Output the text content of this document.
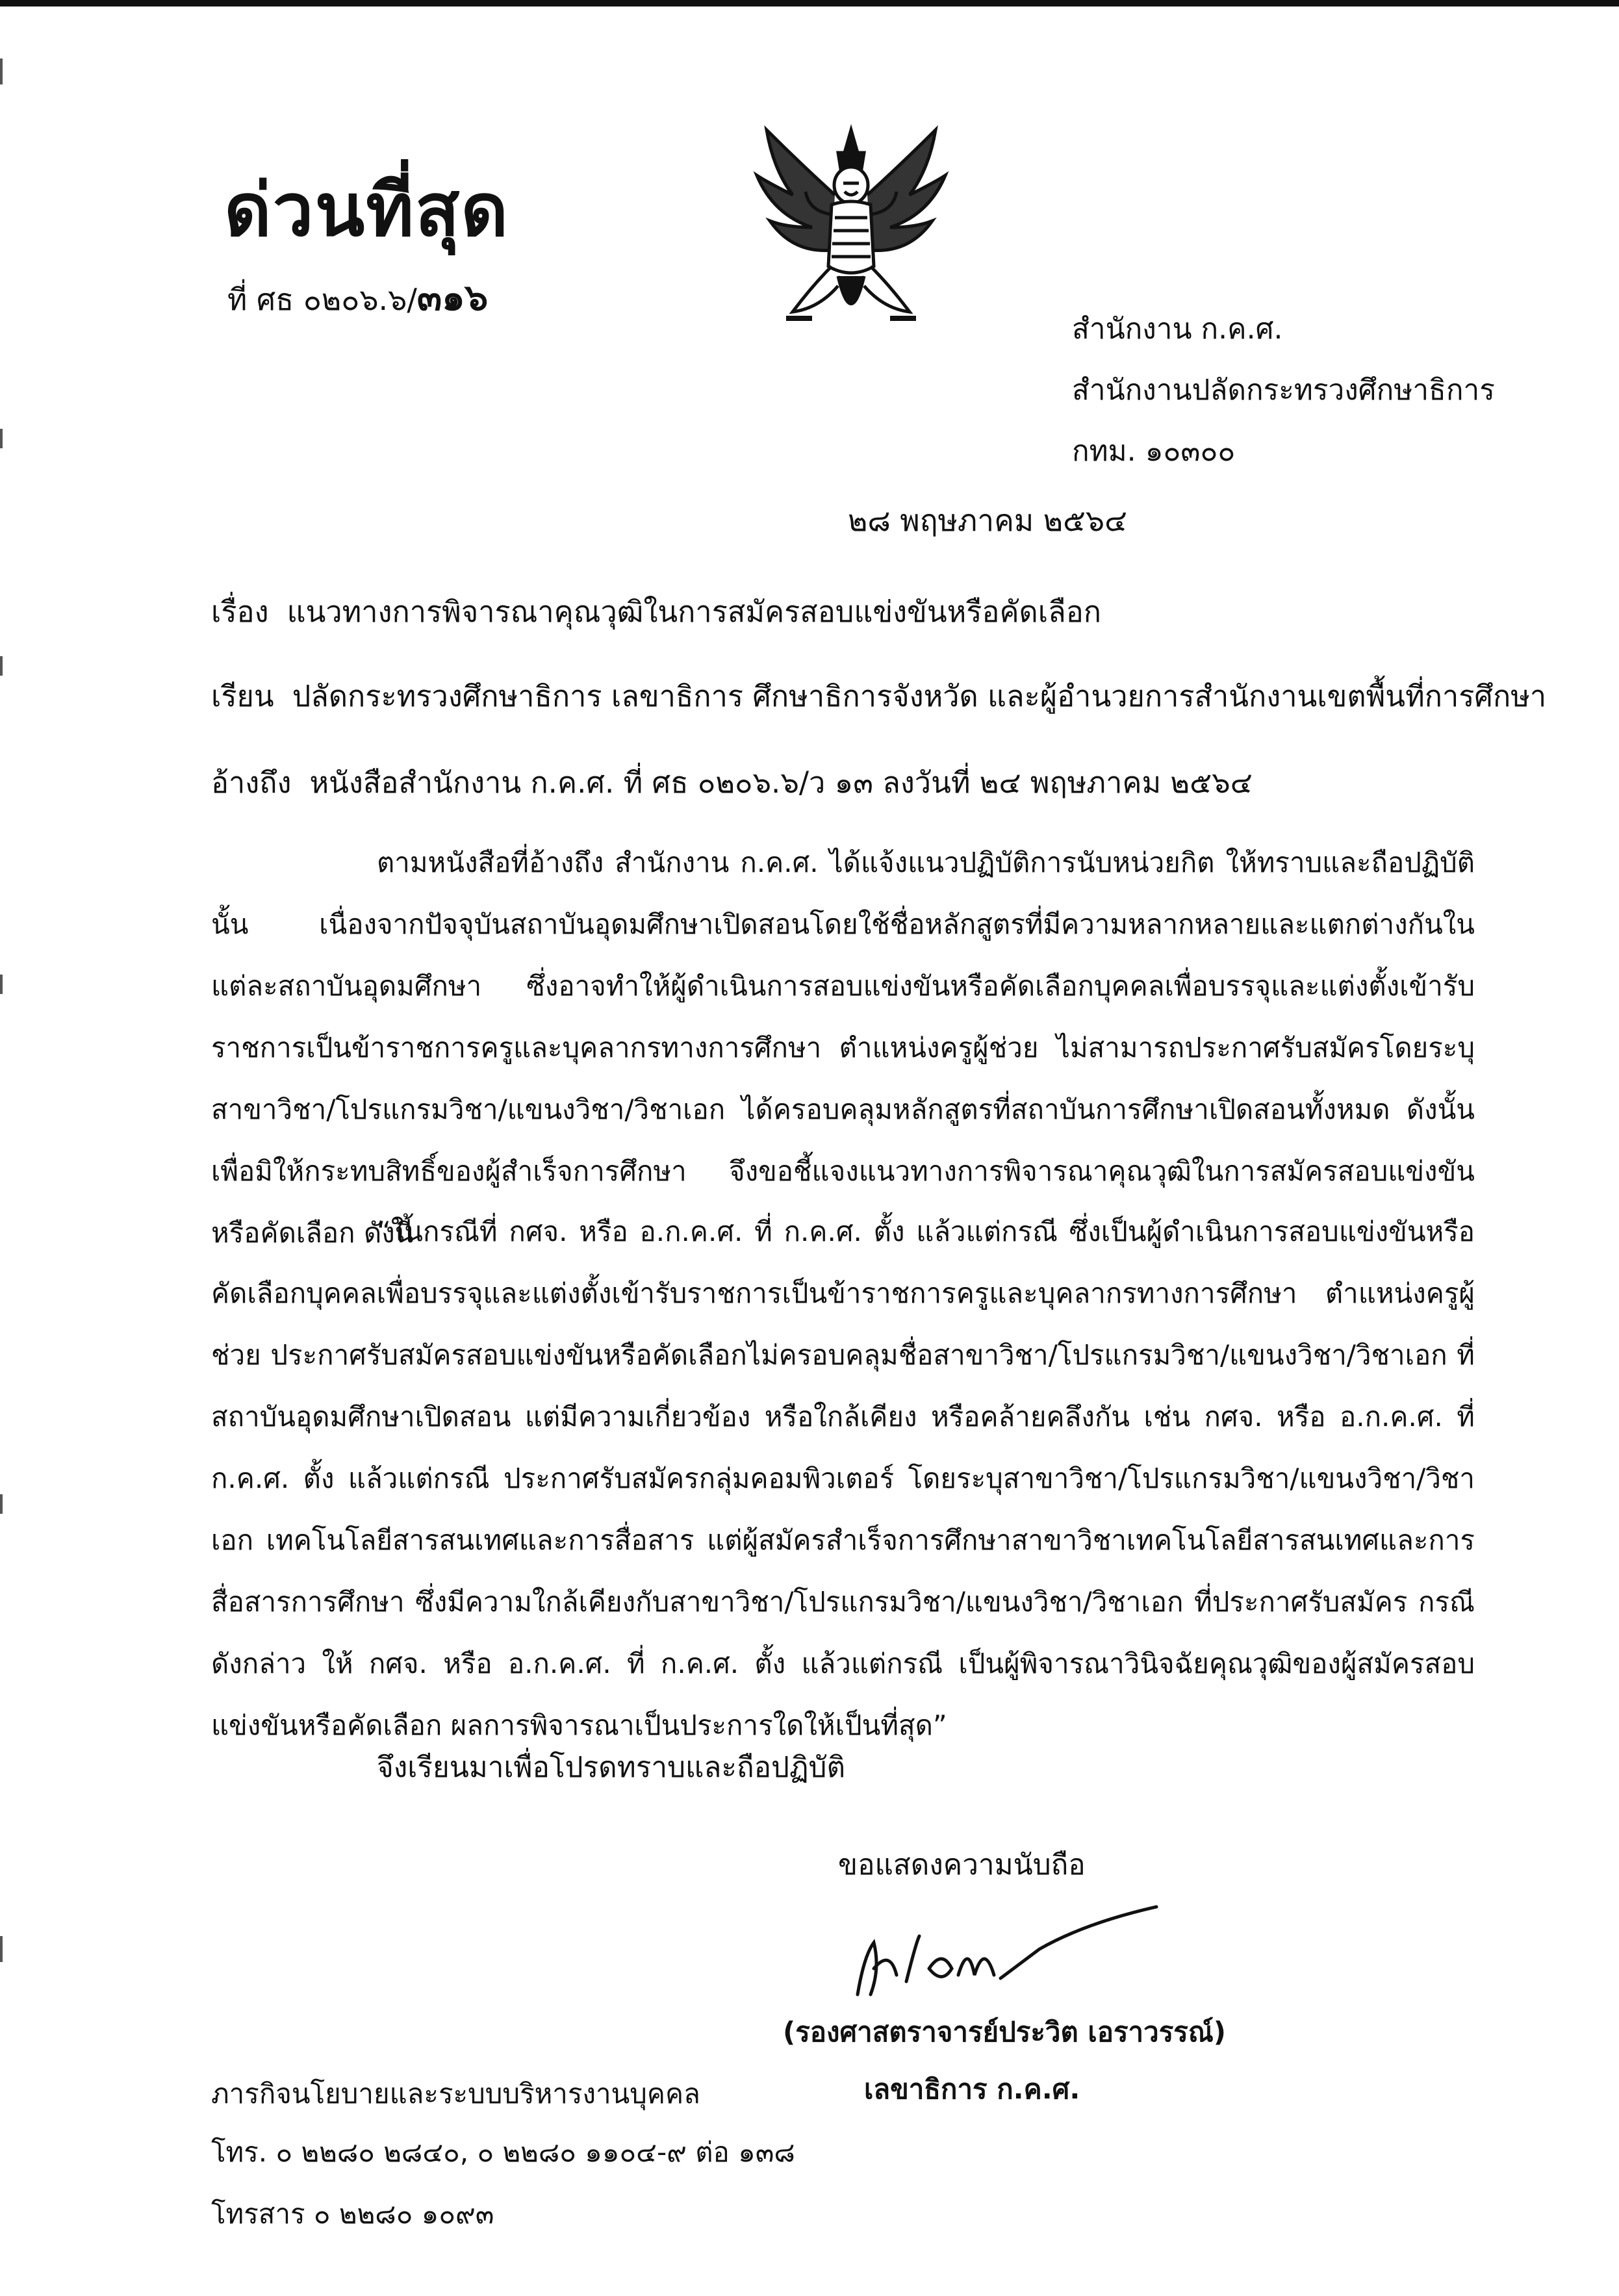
ด่วนที่สุด
ที่ ศธ ๐๒๐๖.๖/๓๑๖
สำนักงาน ก.ค.ศ.
สำนักงานปลัดกระทรวงศึกษาธิการ
กทม. ๑๐๓๐๐
๒๘ พฤษภาคม ๒๕๖๔
เรื่อง แนวทางการพิจารณาคุณวุฒิในการสมัครสอบแข่งขันหรือคัดเลือก
เรียน ปลัดกระทรวงศึกษาธิการ เลขาธิการ ศึกษาธิการจังหวัด และผู้อำนวยการสำนักงานเขตพื้นที่การศึกษา
อ้างถึง หนังสือสำนักงาน ก.ค.ศ. ที่ ศธ ๐๒๐๖.๖/ว ๑๓ ลงวันที่ ๒๔ พฤษภาคม ๒๕๖๔
ตามหนังสือที่อ้างถึง สำนักงาน ก.ค.ศ. ได้แจ้งแนวปฏิบัติการนับหน่วยกิต ให้ทราบและถือปฏิบัติ นั้น เนื่องจากปัจจุบันสถาบันอุดมศึกษาเปิดสอนโดยใช้ชื่อหลักสูตรที่มีความหลากหลายและแตกต่างกันในแต่ละสถาบันอุดมศึกษา ซึ่งอาจทำให้ผู้ดำเนินการสอบแข่งขันหรือคัดเลือกบุคคลเพื่อบรรจุและแต่งตั้งเข้ารับราชการเป็นข้าราชการครูและบุคลากรทางการศึกษา ตำแหน่งครูผู้ช่วย ไม่สามารถประกาศรับสมัครโดยระบุสาขาวิชา/โปรแกรมวิชา/แขนงวิชา/วิชาเอก ได้ครอบคลุมหลักสูตรที่สถาบันการศึกษาเปิดสอนทั้งหมด ดังนั้น เพื่อมิให้กระทบสิทธิ์ของผู้สำเร็จการศึกษา จึงขอชี้แจงแนวทางการพิจารณาคุณวุฒิในการสมัครสอบแข่งขันหรือคัดเลือก ดังนี้
“ในกรณีที่ กศจ. หรือ อ.ก.ค.ศ. ที่ ก.ค.ศ. ตั้ง แล้วแต่กรณี ซึ่งเป็นผู้ดำเนินการสอบแข่งขันหรือคัดเลือกบุคคลเพื่อบรรจุและแต่งตั้งเข้ารับราชการเป็นข้าราชการครูและบุคลากรทางการศึกษา ตำแหน่งครูผู้ช่วย ประกาศรับสมัครสอบแข่งขันหรือคัดเลือกไม่ครอบคลุมชื่อสาขาวิชา/โปรแกรมวิชา/แขนงวิชา/วิชาเอก ที่สถาบันอุดมศึกษาเปิดสอน แต่มีความเกี่ยวข้อง หรือใกล้เคียง หรือคล้ายคลึงกัน เช่น กศจ. หรือ อ.ก.ค.ศ. ที่ ก.ค.ศ. ตั้ง แล้วแต่กรณี ประกาศรับสมัครกลุ่มคอมพิวเตอร์ โดยระบุสาขาวิชา/โปรแกรมวิชา/แขนงวิชา/วิชาเอก เทคโนโลยีสารสนเทศและการสื่อสาร แต่ผู้สมัครสำเร็จการศึกษาสาขาวิชาเทคโนโลยีสารสนเทศและการสื่อสารการศึกษา ซึ่งมีความใกล้เคียงกับสาขาวิชา/โปรแกรมวิชา/แขนงวิชา/วิชาเอก ที่ประกาศรับสมัคร กรณีดังกล่าว ให้ กศจ. หรือ อ.ก.ค.ศ. ที่ ก.ค.ศ. ตั้ง แล้วแต่กรณี เป็นผู้พิจารณาวินิจฉัยคุณวุฒิของผู้สมัครสอบแข่งขันหรือคัดเลือก ผลการพิจารณาเป็นประการใดให้เป็นที่สุด”
จึงเรียนมาเพื่อโปรดทราบและถือปฏิบัติ
ขอแสดงความนับถือ
(รองศาสตราจารย์ประวิต เอราวรรณ์)
เลขาธิการ ก.ค.ศ.
ภารกิจนโยบายและระบบบริหารงานบุคคล
โทร. ๐ ๒๒๘๐ ๒๘๔๐, ๐ ๒๒๘๐ ๑๑๐๔-๙ ต่อ ๑๓๘
โทรสาร ๐ ๒๒๘๐ ๑๐๙๓
